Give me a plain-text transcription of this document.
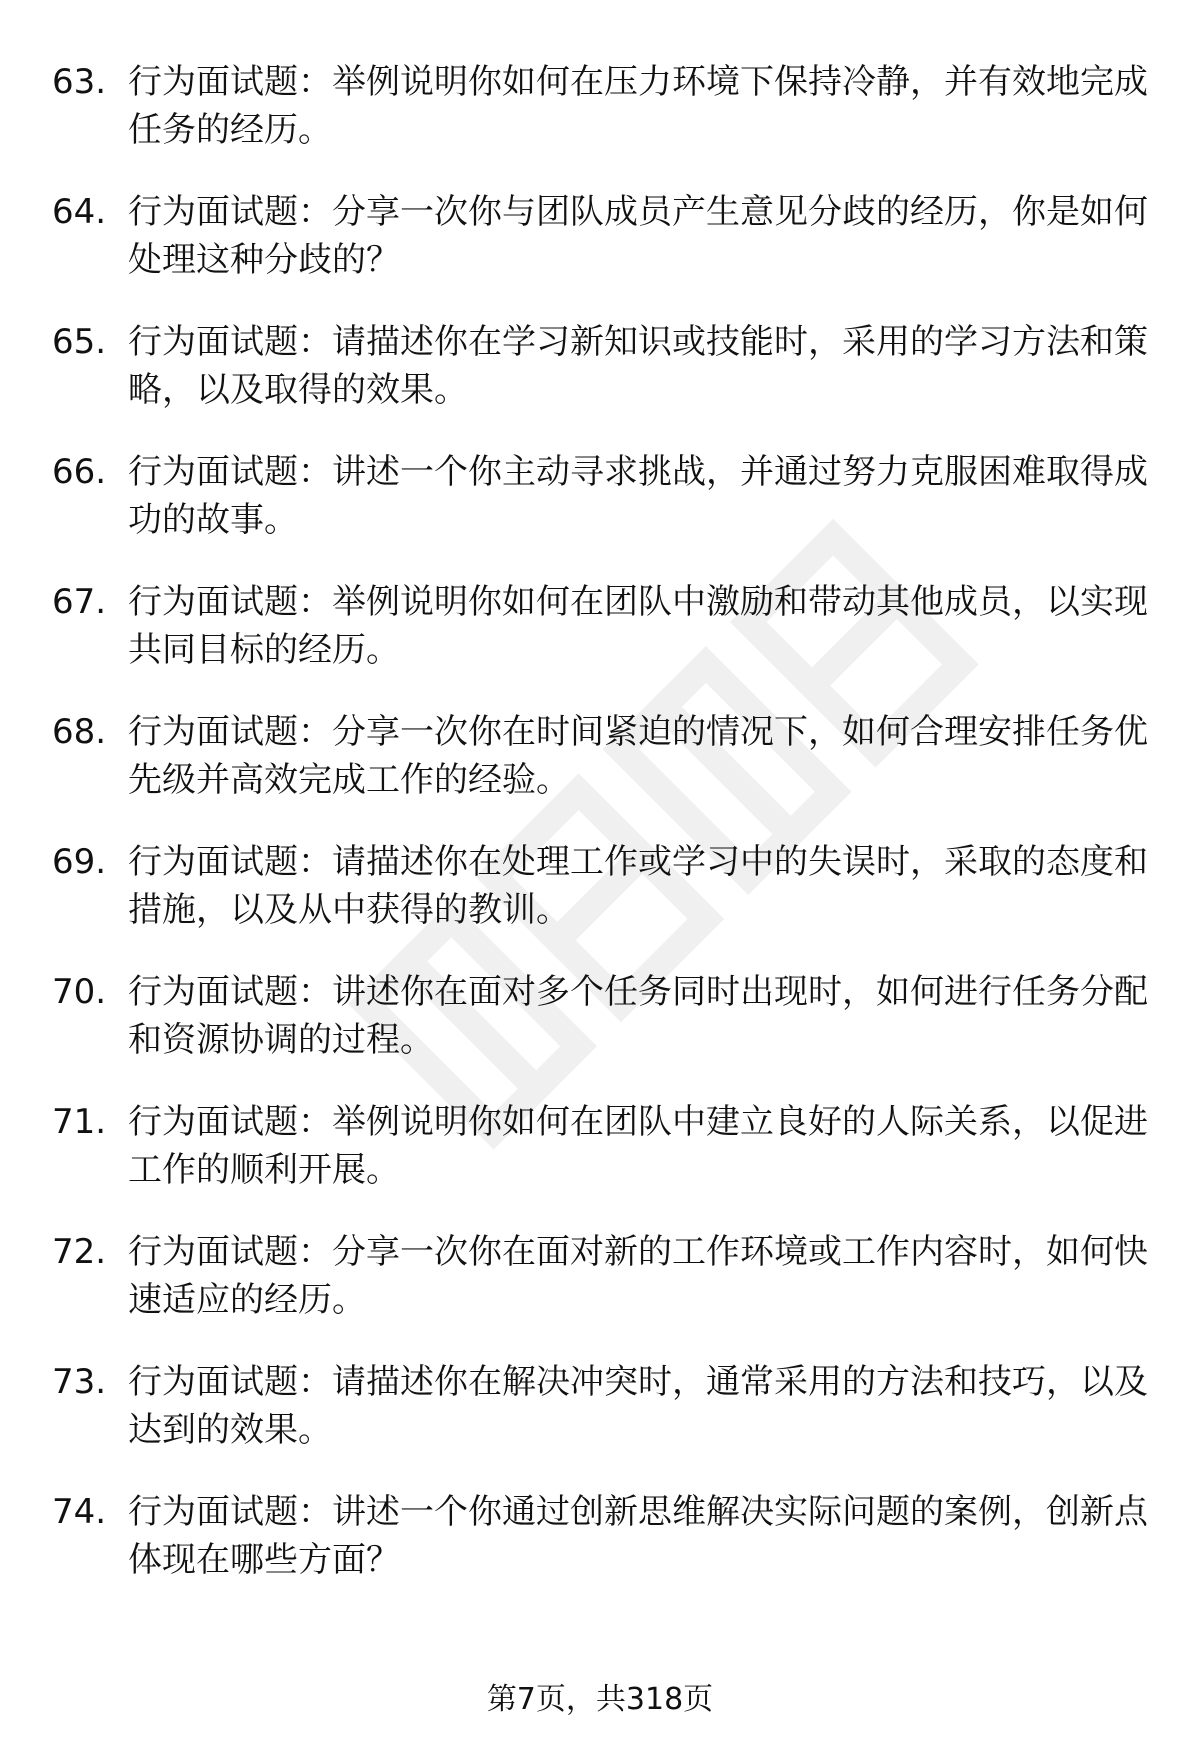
63. 行为面试题：举例说明你如何在压力环境下保持冷静，并有效地完成任务的经历。
64. 行为面试题：分享一次你与团队成员产生意见分歧的经历，你是如何处理这种分歧的？
65. 行为面试题：请描述你在学习新知识或技能时，采用的学习方法和策略，以及取得的效果。
66. 行为面试题：讲述一个你主动寻求挑战，并通过努力克服困难取得成功的故事。
67. 行为面试题：举例说明你如何在团队中激励和带动其他成员，以实现共同目标的经历。
68. 行为面试题：分享一次你在时间紧迫的情况下，如何合理安排任务优先级并高效完成工作的经验。
69. 行为面试题：请描述你在处理工作或学习中的失误时，采取的态度和措施，以及从中获得的教训。
70. 行为面试题：讲述你在面对多个任务同时出现时，如何进行任务分配和资源协调的过程。
71. 行为面试题：举例说明你如何在团队中建立良好的人际关系，以促进工作的顺利开展。
72. 行为面试题：分享一次你在面对新的工作环境或工作内容时，如何快速适应的经历。
73. 行为面试题：请描述你在解决冲突时，通常采用的方法和技巧，以及达到的效果。
74. 行为面试题：讲述一个你通过创新思维解决实际问题的案例，创新点体现在哪些方面？
第7页，共318页
